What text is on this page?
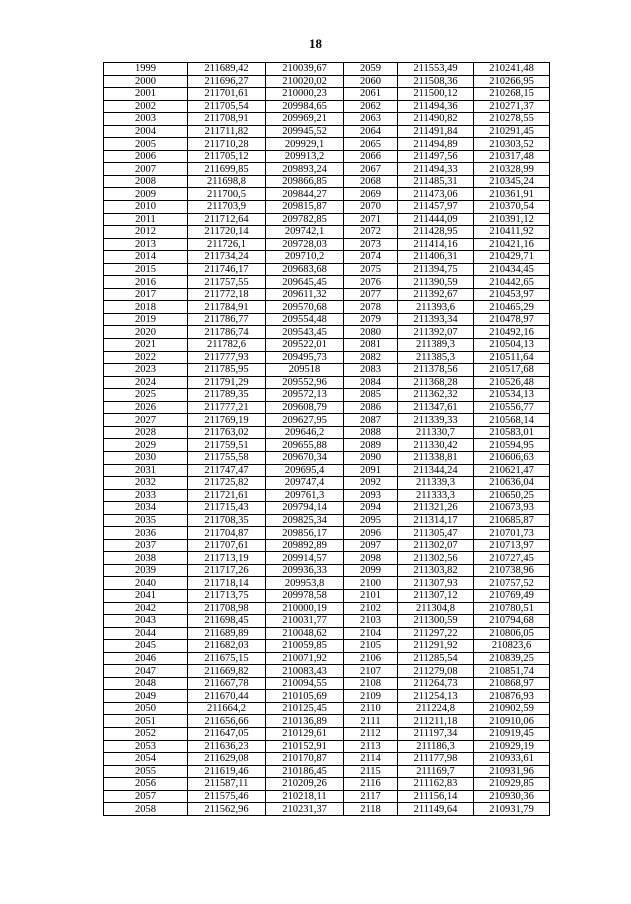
18
1999	211689,42	210039,67	2059	211553,49	210241,48
2000	211696,27	210020,02	2060	211508,36	210266,95
2001	211701,61	210000,23	2061	211500,12	210268,15
2002	211705,54	209984,65	2062	211494,36	210271,37
2003	211708,91	209969,21	2063	211490,82	210278,55
2004	211711,82	209945,52	2064	211491,84	210291,45
2005	211710,28	209929,1	2065	211494,89	210303,52
2006	211705,12	209913,2	2066	211497,56	210317,48
2007	211699,85	209893,24	2067	211494,33	210328,99
2008	211698,8	209866,85	2068	211485,31	210345,24
2009	211700,5	209844,27	2069	211473,06	210361,91
2010	211703,9	209815,87	2070	211457,97	210370,54
2011	211712,64	209782,85	2071	211444,09	210391,12
2012	211720,14	209742,1	2072	211428,95	210411,92
2013	211726,1	209728,03	2073	211414,16	210421,16
2014	211734,24	209710,2	2074	211406,31	210429,71
2015	211746,17	209683,68	2075	211394,75	210434,45
2016	211757,55	209645,45	2076	211390,59	210442,65
2017	211772,18	209611,32	2077	211392,67	210453,97
2018	211784,91	209570,68	2078	211393,6	210465,29
2019	211786,77	209554,48	2079	211393,34	210478,97
2020	211786,74	209543,45	2080	211392,07	210492,16
2021	211782,6	209522,01	2081	211389,3	210504,13
2022	211777,93	209495,73	2082	211385,3	210511,64
2023	211785,95	209518	2083	211378,56	210517,68
2024	211791,29	209552,96	2084	211368,28	210526,48
2025	211789,35	209572,13	2085	211362,32	210534,13
2026	211777,21	209608,79	2086	211347,61	210556,77
2027	211769,19	209627,95	2087	211339,33	210568,14
2028	211763,02	209646,2	2088	211330,7	210583,01
2029	211759,51	209655,88	2089	211330,42	210594,95
2030	211755,58	209670,34	2090	211338,81	210606,63
2031	211747,47	209695,4	2091	211344,24	210621,47
2032	211725,82	209747,4	2092	211339,3	210636,04
2033	211721,61	209761,3	2093	211333,3	210650,25
2034	211715,43	209794,14	2094	211321,26	210673,93
2035	211708,35	209825,34	2095	211314,17	210685,87
2036	211704,87	209856,17	2096	211305,47	210701,73
2037	211707,61	209892,89	2097	211302,07	210713,97
2038	211713,19	209914,57	2098	211302,56	210727,45
2039	211717,26	209936,33	2099	211303,82	210738,96
2040	211718,14	209953,8	2100	211307,93	210757,52
2041	211713,75	209978,58	2101	211307,12	210769,49
2042	211708,98	210000,19	2102	211304,8	210780,51
2043	211698,45	210031,77	2103	211300,59	210794,68
2044	211689,89	210048,62	2104	211297,22	210806,05
2045	211682,03	210059,85	2105	211291,92	210823,6
2046	211675,15	210071,92	2106	211285,54	210839,25
2047	211669,82	210083,43	2107	211279,08	210851,74
2048	211667,78	210094,55	2108	211264,73	210868,97
2049	211670,44	210105,69	2109	211254,13	210876,93
2050	211664,2	210125,45	2110	211224,8	210902,59
2051	211656,66	210136,89	2111	211211,18	210910,06
2052	211647,05	210129,61	2112	211197,34	210919,45
2053	211636,23	210152,91	2113	211186,3	210929,19
2054	211629,08	210170,87	2114	211177,98	210933,61
2055	211619,46	210186,45	2115	211169,7	210931,96
2056	211587,11	210209,26	2116	211162,83	210929,85
2057	211575,46	210218,11	2117	211156,14	210930,36
2058	211562,96	210231,37	2118	211149,64	210931,79
